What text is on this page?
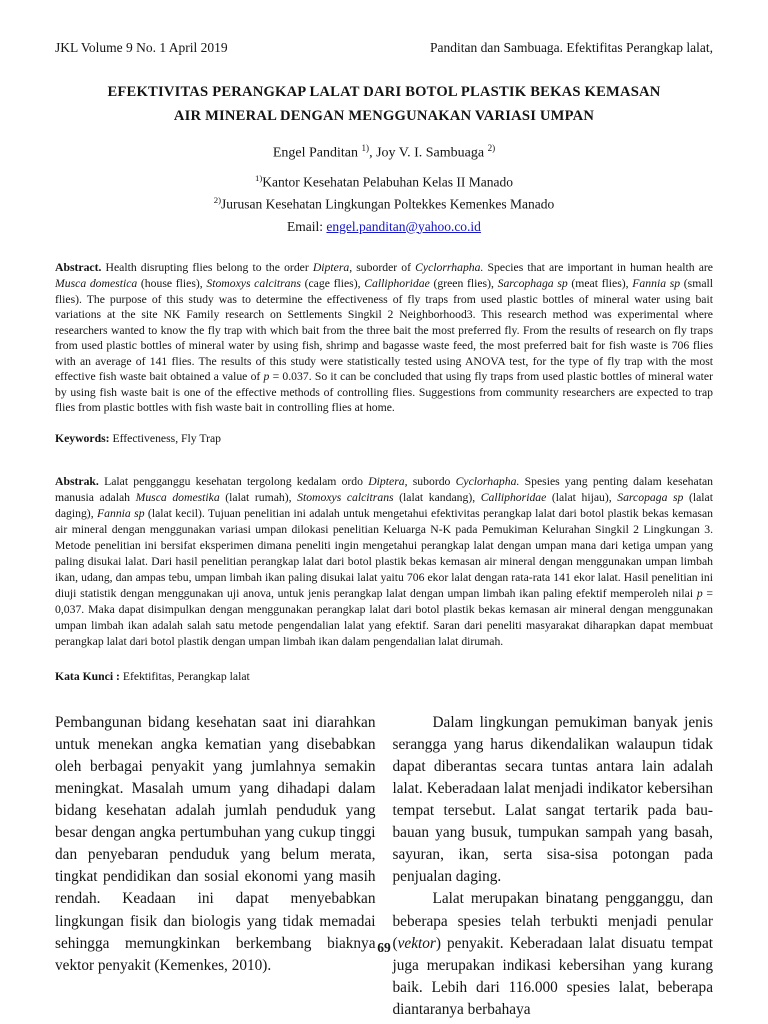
JKL Volume 9 No. 1 April 2019	Panditan dan Sambuaga. Efektifitas Perangkap lalat,
EFEKTIVITAS PERANGKAP LALAT DARI BOTOL PLASTIK BEKAS KEMASAN
AIR MINERAL DENGAN MENGGUNAKAN VARIASI UMPAN
Engel Panditan $^{1)}$, Joy V. I. Sambuaga $^{2)}$
$^{1)}$Kantor Kesehatan Pelabuhan Kelas II Manado
$^{2)}$Jurusan Kesehatan Lingkungan Poltekkes Kemenkes Manado
Email: engel.panditan@yahoo.co.id
Abstract. Health disrupting flies belong to the order Diptera, suborder of Cyclorrhapha. Species that are important in human health are Musca domestica (house flies), Stomoxys calcitrans (cage flies), Calliphoridae (green flies), Sarcophaga sp (meat flies), Fannia sp (small flies). The purpose of this study was to determine the effectiveness of fly traps from used plastic bottles of mineral water using bait variations at the site NK Family research on Settlements Singkil 2 Neighborhood3. This research method was experimental where researchers wanted to know the fly trap with which bait from the three bait the most preferred fly. From the results of research on fly traps from used plastic bottles of mineral water by using fish, shrimp and bagasse waste feed, the most preferred bait for fish waste is 706 flies with an average of 141 flies. The results of this study were statistically tested using ANOVA test, for the type of fly trap with the most effective fish waste bait obtained a value of p = 0.037. So it can be concluded that using fly traps from used plastic bottles of mineral water by using fish waste bait is one of the effective methods of controlling flies. Suggestions from community researchers are expected to trap flies from plastic bottles with fish waste bait in controlling flies at home.
Keywords: Effectiveness, Fly Trap
Abstrak. Lalat pengganggu kesehatan tergolong kedalam ordo Diptera, subordo Cyclorhapha. Spesies yang penting dalam kesehatan manusia adalah Musca domestika (lalat rumah), Stomoxys calcitrans (lalat kandang), Calliphoridae (lalat hijau), Sarcopaga sp (lalat daging), Fannia sp (lalat kecil). Tujuan penelitian ini adalah untuk mengetahui efektivitas perangkap lalat dari botol plastik bekas kemasan air mineral dengan menggunakan variasi umpan dilokasi penelitian Keluarga N-K pada Pemukiman Kelurahan Singkil 2 Lingkungan 3. Metode penelitian ini bersifat eksperimen dimana peneliti ingin mengetahui perangkap lalat dengan umpan mana dari ketiga umpan yang paling disukai lalat. Dari hasil penelitian perangkap lalat dari botol plastik bekas kemasan air mineral dengan menggunakan umpan limbah ikan, udang, dan ampas tebu, umpan limbah ikan paling disukai lalat yaitu 706 ekor lalat dengan rata-rata 141 ekor lalat. Hasil penelitian ini diuji statistik dengan menggunakan uji anova, untuk jenis perangkap lalat dengan umpan limbah ikan paling efektif memperoleh nilai p = 0,037. Maka dapat disimpulkan dengan menggunakan perangkap lalat dari botol plastik bekas kemasan air mineral dengan menggunakan umpan limbah ikan adalah salah satu metode pengendalian lalat yang efektif. Saran dari peneliti masyarakat diharapkan dapat membuat perangkap lalat dari botol plastik dengan umpan limbah ikan dalam pengendalian lalat dirumah.
Kata Kunci : Efektifitas, Perangkap lalat

Pembangunan bidang kesehatan saat ini diarahkan untuk menekan angka kematian yang disebabkan oleh berbagai penyakit yang jumlahnya semakin meningkat. Masalah umum yang dihadapi dalam bidang kesehatan adalah jumlah penduduk yang besar dengan angka pertumbuhan yang cukup tinggi dan penyebaran penduduk yang belum merata, tingkat pendidikan dan sosial ekonomi yang masih rendah. Keadaan ini dapat menyebabkan lingkungan fisik dan biologis yang tidak memadai sehingga memungkinkan berkembang biaknya vektor penyakit (Kemenkes, 2010).

Dalam lingkungan pemukiman banyak jenis serangga yang harus dikendalikan walaupun tidak dapat diberantas secara tuntas antara lain adalah lalat. Keberadaan lalat menjadi indikator kebersihan tempat tersebut. Lalat sangat tertarik pada bau-bauan yang busuk, tumpukan sampah yang basah, sayuran, ikan, serta sisa-sisa potongan pada penjualan daging.

Lalat merupakan binatang pengganggu, dan beberapa spesies telah terbukti menjadi penular (vektor) penyakit. Keberadaan lalat disuatu tempat juga merupakan indikasi kebersihan yang kurang baik. Lebih dari 116.000 spesies lalat, beberapa diantaranya berbahaya

69
